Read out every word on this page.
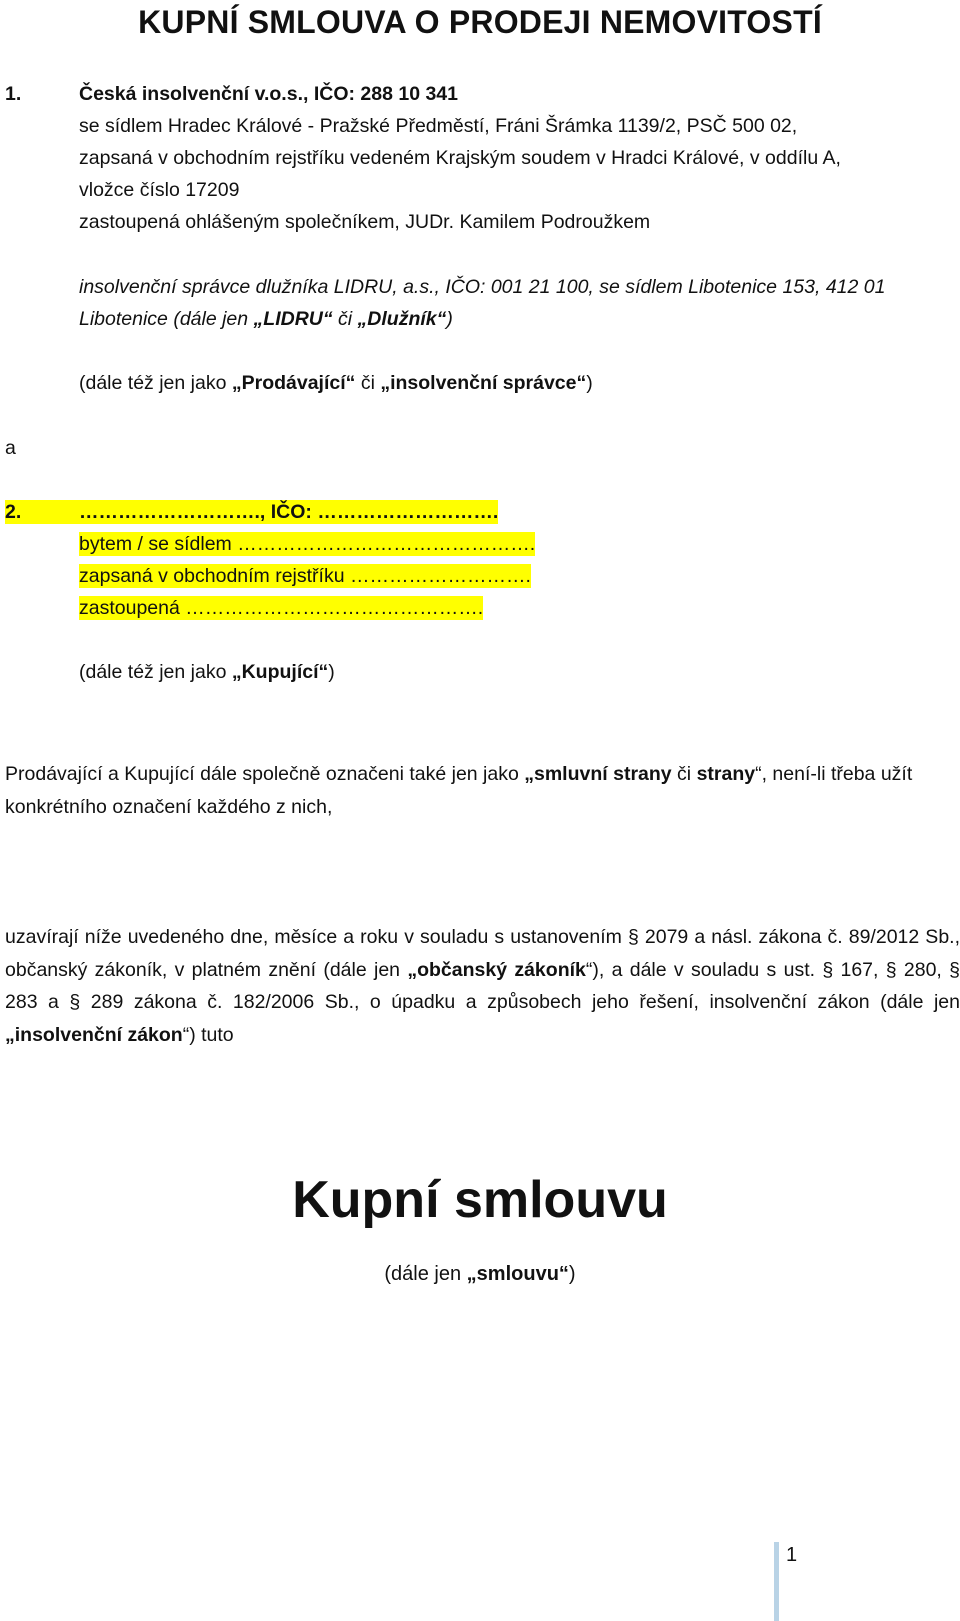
KUPNÍ SMLOUVA O PRODEJI NEMOVITOSTÍ
1.	Česká insolvenční v.o.s., IČO: 288 10 341
se sídlem Hradec Králové - Pražské Předměstí, Fráni Šrámka 1139/2, PSČ 500 02,
zapsaná v obchodním rejstříku vedeném Krajským soudem v Hradci Králové, v oddílu A,
vložce číslo 17209
zastoupená ohlášeným společníkem, JUDr. Kamilem Podroužkem
insolvenční správce dlužníka LIDRU, a.s., IČO: 001 21 100, se sídlem Libotenice 153, 412 01
Libotenice (dále jen „LIDRU“ či „Dlužník“)
(dále též jen jako „Prodávající“ či „insolvenční správce“)
a
2.	………………………., IČO: ……………………….
bytem / se sídlem ……………………………………….
zapsaná v obchodním rejstříku ……………………….
zastoupená ……………………………………….
(dále též jen jako „Kupující“)
Prodávající a Kupující dále společně označeni také jen jako „smluvní strany či strany“, není-li třeba užít konkrétního označení každého z nich,
uzavírají níže uvedeného dne, měsíce a roku v souladu s ustanovením § 2079 a násl. zákona č. 89/2012 Sb., občanský zákoník, v platném znění (dále jen „občanský zákoník“), a dále v souladu s ust. § 167, § 280, § 283 a § 289 zákona č. 182/2006 Sb., o úpadku a způsobech jeho řešení, insolvenční zákon (dále jen „insolvenční zákon“) tuto
Kupní smlouvu
(dále jen „smlouvu“)
1
